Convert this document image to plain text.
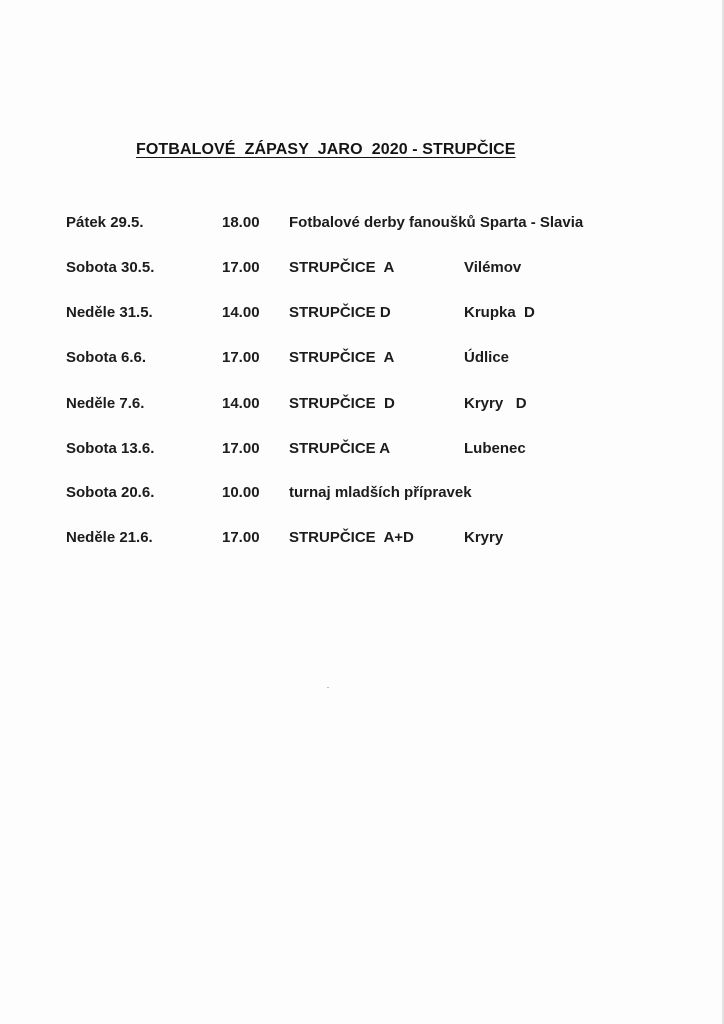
FOTBALOVÉ  ZÁPASY  JARO  2020 - STRUPČICE
Pátek 29.5.	18.00 Fotbalové derby fanoušků Sparta - Slavia
Sobota 30.5.	17.00 STRUPČICE  A	Vilémov
Neděle 31.5.	14.00 STRUPČICE D	Krupka  D
Sobota 6.6.	17.00 STRUPČICE  A	Údlice
Neděle 7.6.	14.00 STRUPČICE  D	Kryry   D
Sobota 13.6.	17.00 STRUPČICE A	Lubenec
Sobota 20.6.	10.00 turnaj mladších přípravek
Neděle 21.6.	17.00 STRUPČICE  A+D	Kryry
